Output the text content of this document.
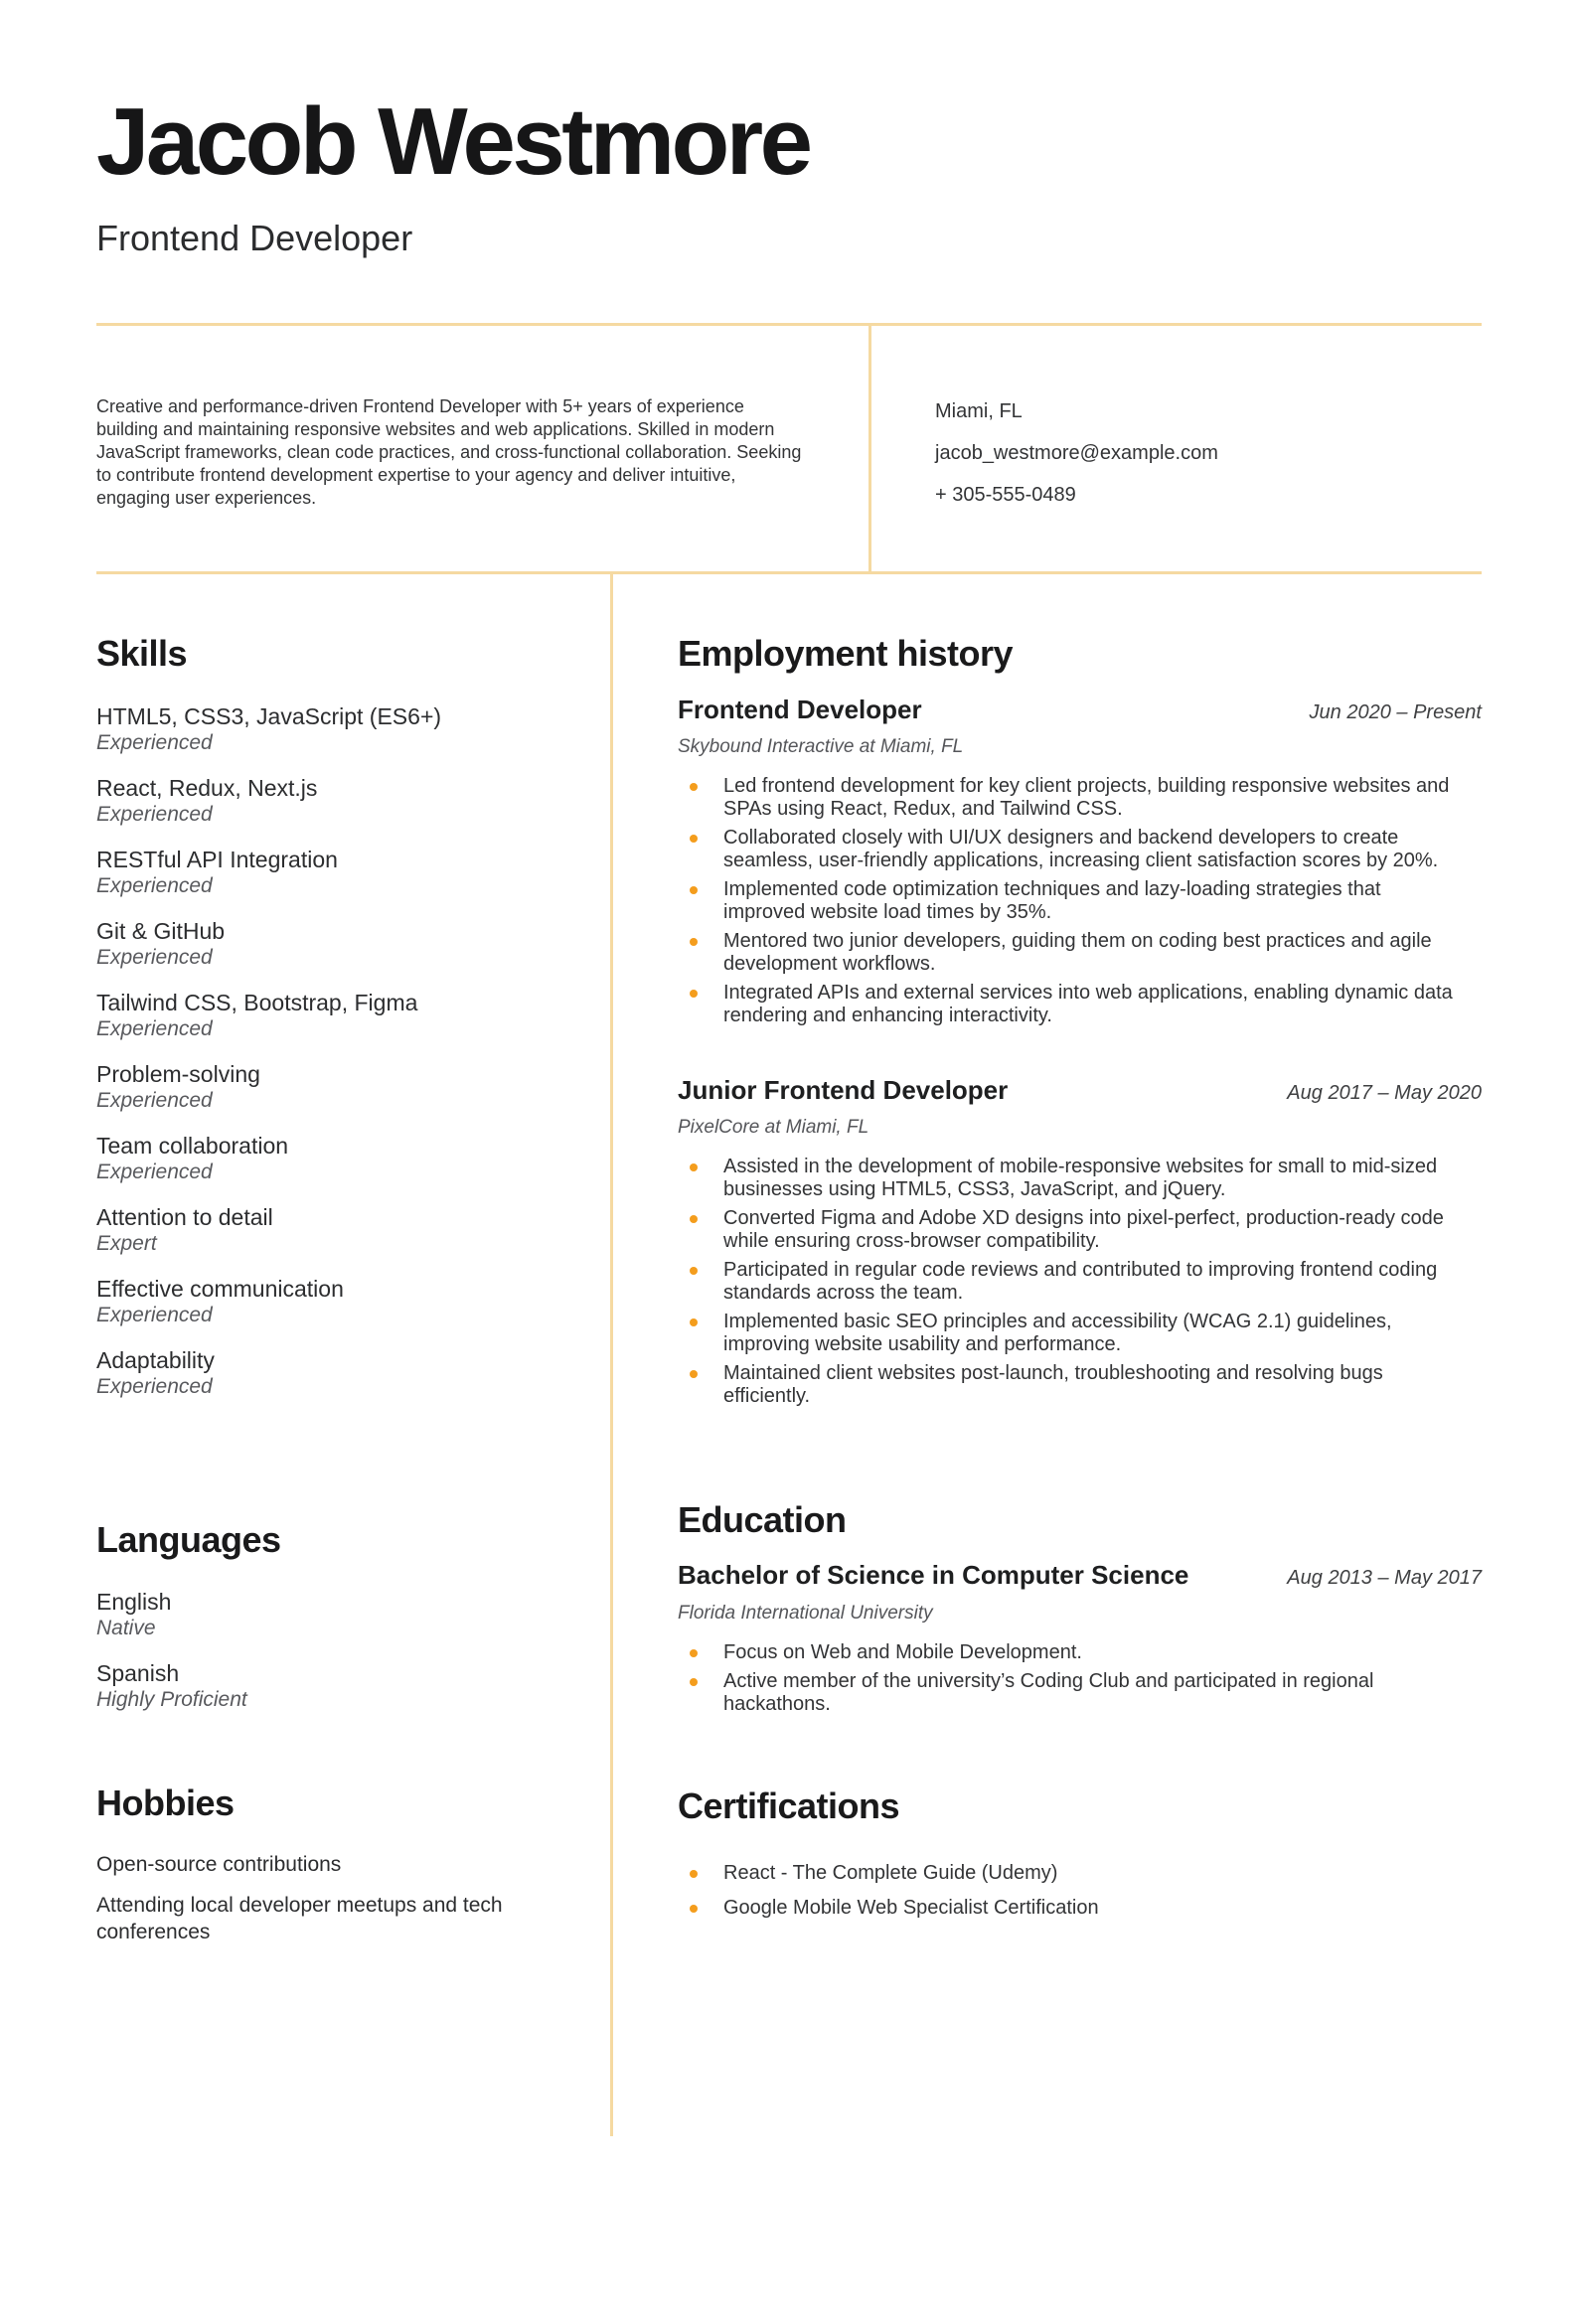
Jacob Westmore
Frontend Developer
Creative and performance-driven Frontend Developer with 5+ years of experience building and maintaining responsive websites and web applications. Skilled in modern JavaScript frameworks, clean code practices, and cross-functional collaboration. Seeking to contribute frontend development expertise to your agency and deliver intuitive, engaging user experiences.
Miami, FL
jacob_westmore@example.com
+ 305-555-0489
Skills
HTML5, CSS3, JavaScript (ES6+)
Experienced
React, Redux, Next.js
Experienced
RESTful API Integration
Experienced
Git & GitHub
Experienced
Tailwind CSS, Bootstrap, Figma
Experienced
Problem-solving
Experienced
Team collaboration
Experienced
Attention to detail
Expert
Effective communication
Experienced
Adaptability
Experienced
Languages
English
Native
Spanish
Highly Proficient
Hobbies
Open-source contributions
Attending local developer meetups and tech conferences
Employment history
Frontend Developer	Jun 2020 – Present
Skybound Interactive at Miami, FL
Led frontend development for key client projects, building responsive websites and SPAs using React, Redux, and Tailwind CSS.
Collaborated closely with UI/UX designers and backend developers to create seamless, user-friendly applications, increasing client satisfaction scores by 20%.
Implemented code optimization techniques and lazy-loading strategies that improved website load times by 35%.
Mentored two junior developers, guiding them on coding best practices and agile development workflows.
Integrated APIs and external services into web applications, enabling dynamic data rendering and enhancing interactivity.
Junior Frontend Developer	Aug 2017 – May 2020
PixelCore at Miami, FL
Assisted in the development of mobile-responsive websites for small to mid-sized businesses using HTML5, CSS3, JavaScript, and jQuery.
Converted Figma and Adobe XD designs into pixel-perfect, production-ready code while ensuring cross-browser compatibility.
Participated in regular code reviews and contributed to improving frontend coding standards across the team.
Implemented basic SEO principles and accessibility (WCAG 2.1) guidelines, improving website usability and performance.
Maintained client websites post-launch, troubleshooting and resolving bugs efficiently.
Education
Bachelor of Science in Computer Science	Aug 2013 – May 2017
Florida International University
Focus on Web and Mobile Development.
Active member of the university’s Coding Club and participated in regional hackathons.
Certifications
React - The Complete Guide (Udemy)
Google Mobile Web Specialist Certification
